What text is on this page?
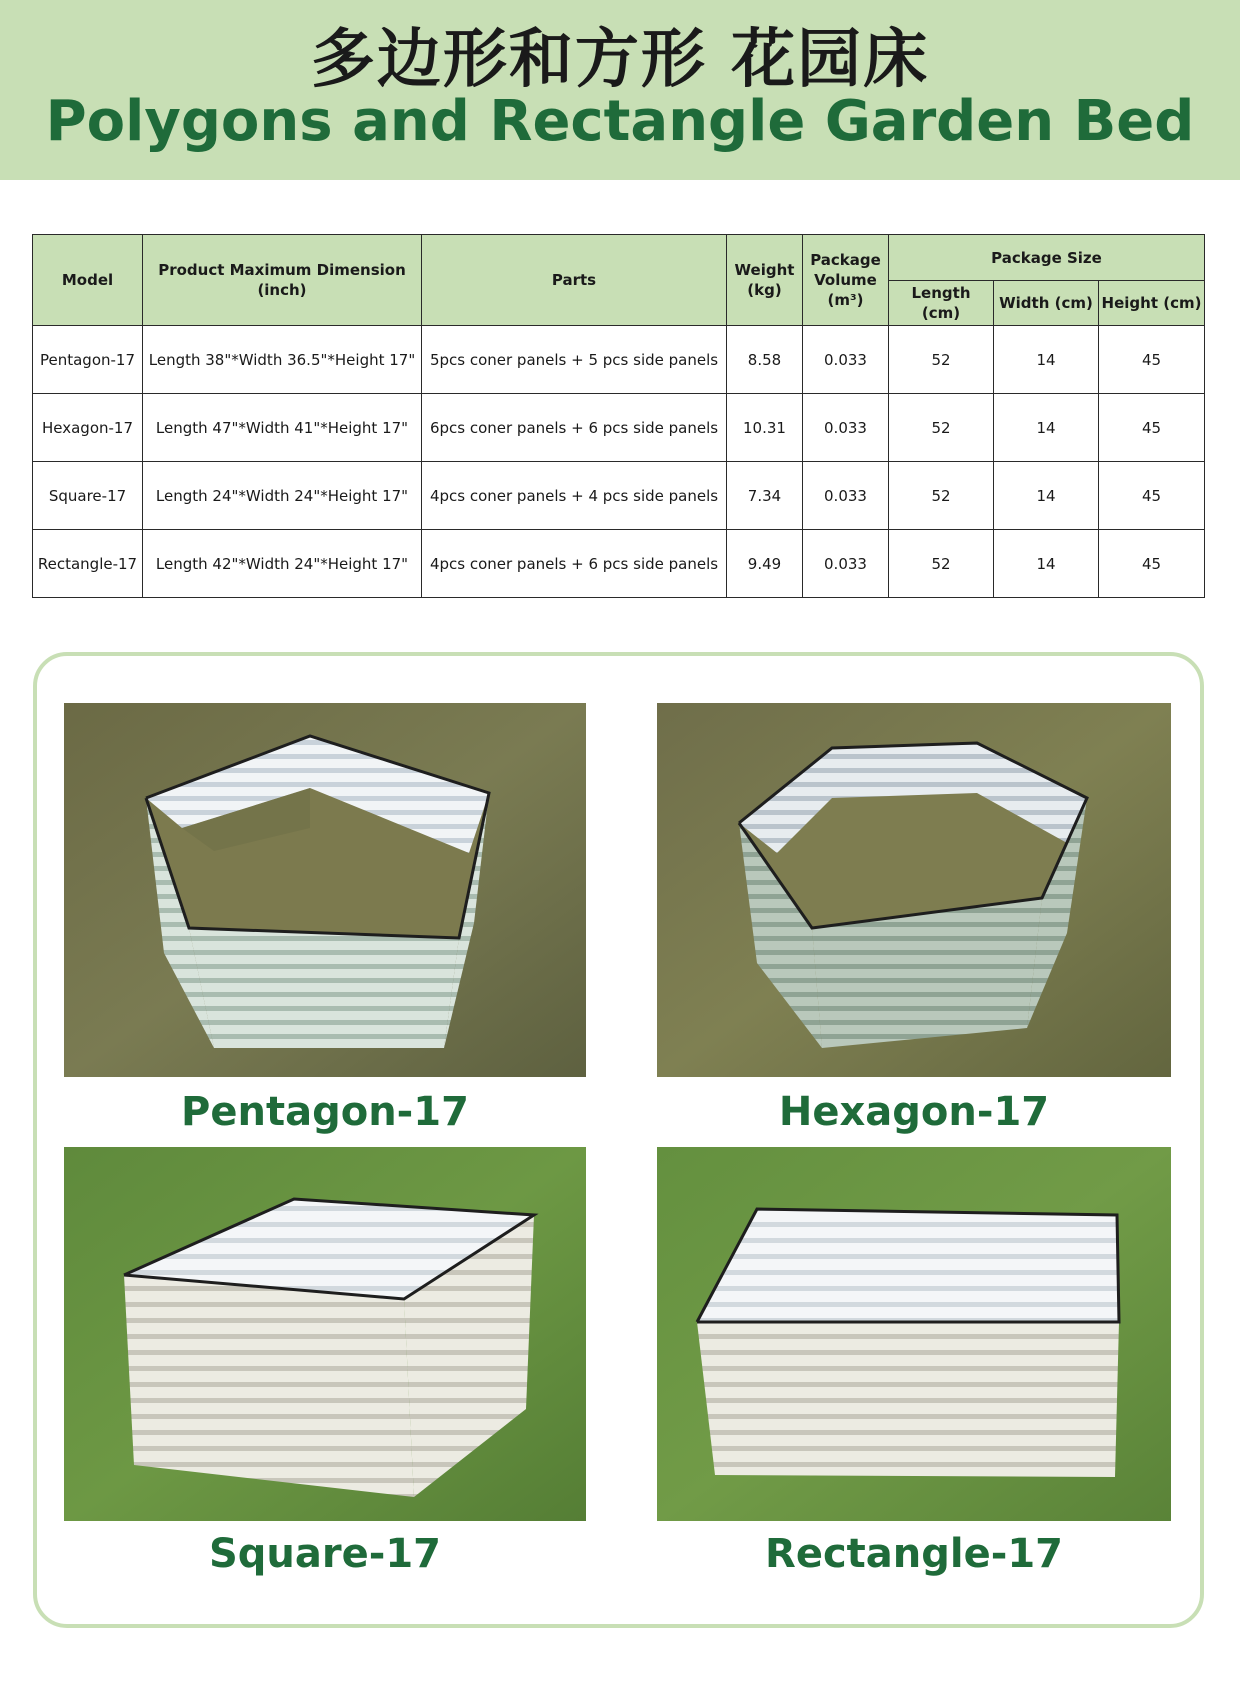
多边形和方形 花园床
Polygons and Rectangle Garden Bed
Model	Product Maximum Dimension (inch)	Parts	Weight (kg)	Package Volume (m³)	Package Size		
					Length (cm)	Width (cm)	Height (cm)
Pentagon-17	Length 38"*Width 36.5"*Height 17"	5pcs coner panels + 5 pcs side panels	8.58	0.033	52	14	45
Hexagon-17	Length 47"*Width 41"*Height 17"	6pcs coner panels + 6 pcs side panels	10.31	0.033	52	14	45
Square-17	Length 24"*Width 24"*Height 17"	4pcs coner panels + 4 pcs side panels	7.34	0.033	52	14	45
Rectangle-17	Length 42"*Width 24"*Height 17"	4pcs coner panels + 6 pcs side panels	9.49	0.033	52	14	45
Pentagon-17	Hexagon-17
Square-17	Rectangle-17
